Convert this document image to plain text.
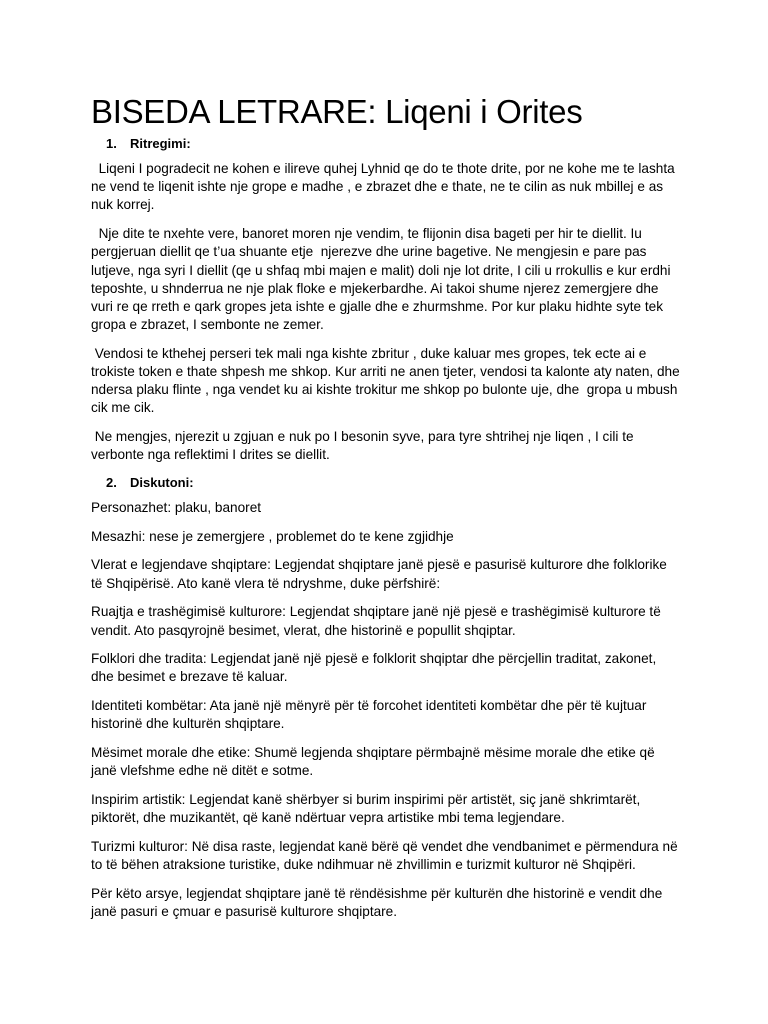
BISEDA LETRARE: Liqeni i Orites
1.	Ritregimi:

Liqeni I pogradecit ne kohen e ilireve quhej Lyhnid qe do te thote drite, por ne kohe me te lashta ne vend te liqenit ishte nje grope e madhe , e zbrazet dhe e thate, ne te cilin as nuk mbillej e as nuk korrej.

Nje dite te nxehte vere, banoret moren nje vendim, te flijonin disa bageti per hir te diellit. Iu pergjeruan diellit qe t’ua shuante etje  njerezve dhe urine bagetive. Ne mengjesin e pare pas lutjeve, nga syri I diellit (qe u shfaq mbi majen e malit) doli nje lot drite, I cili u rrokullis e kur erdhi teposhte, u shnderrua ne nje plak floke e mjekerbardhe. Ai takoi shume njerez zemergjere dhe vuri re qe rreth e qark gropes jeta ishte e gjalle dhe e zhurmshme. Por kur plaku hidhte syte tek gropa e zbrazet, I sembonte ne zemer.

Vendosi te kthehej perseri tek mali nga kishte zbritur , duke kaluar mes gropes, tek ecte ai e trokiste token e thate shpesh me shkop. Kur arriti ne anen tjeter, vendosi ta kalonte aty naten, dhe ndersa plaku flinte , nga vendet ku ai kishte trokitur me shkop po bulonte uje, dhe  gropa u mbush cik me cik.

Ne mengjes, njerezit u zgjuan e nuk po I besonin syve, para tyre shtrihej nje liqen , I cili te verbonte nga reflektimi I drites se diellit.

2.	Diskutoni:

Personazhet: plaku, banoret

Mesazhi: nese je zemergjere , problemet do te kene zgjidhje

Vlerat e legjendave shqiptare: Legjendat shqiptare janë pjesë e pasurisë kulturore dhe folklorike të Shqipërisë. Ato kanë vlera të ndryshme, duke përfshirë:

Ruajtja e trashëgimisë kulturore: Legjendat shqiptare janë një pjesë e trashëgimisë kulturore të vendit. Ato pasqyrojnë besimet, vlerat, dhe historinë e popullit shqiptar.

Folklori dhe tradita: Legjendat janë një pjesë e folklorit shqiptar dhe përcjellin traditat, zakonet, dhe besimet e brezave të kaluar.

Identiteti kombëtar: Ata janë një mënyrë për të forcohet identiteti kombëtar dhe për të kujtuar historinë dhe kulturën shqiptare.

Mësimet morale dhe etike: Shumë legjenda shqiptare përmbajnë mësime morale dhe etike që janë vlefshme edhe në ditët e sotme.

Inspirim artistik: Legjendat kanë shërbyer si burim inspirimi për artistët, siç janë shkrimtarët, piktorët, dhe muzikantët, që kanë ndërtuar vepra artistike mbi tema legjendare.

Turizmi kulturor: Në disa raste, legjendat kanë bërë që vendet dhe vendbanimet e përmendura në to të bëhen atraksione turistike, duke ndihmuar në zhvillimin e turizmit kulturor në Shqipëri.

Për këto arsye, legjendat shqiptare janë të rëndësishme për kulturën dhe historinë e vendit dhe janë pasuri e çmuar e pasurisë kulturore shqiptare.
